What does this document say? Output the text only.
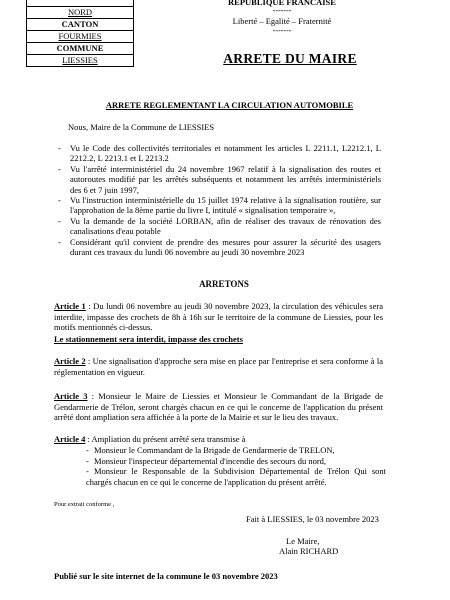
NORD
CANTON
FOURMIES
COMMUNE
LIESSIES
REPUBLIQUE FRANCAISE
-------
Liberté – Egalité – Fraternité
-------
ARRETE DU MAIRE
ARRETE REGLEMENTANT LA CIRCULATION AUTOMOBILE
Nous, Maire de la Commune de LIESSIES
- Vu le Code des collectivités territoriales et notamment les articles L 2211.1, L2212.1, L 2212.2, L 2213.1 et L 2213.2
- Vu l'arrêté interministériel du 24 novembre 1967 relatif à la signalisation des routes et autoroutes modifié par les arrêtés subséquents et notamment les arrêtés interministériels des 6 et 7 juin 1997,
- Vu l'instruction interministérielle du 15 juillet 1974 relative à la signalisation routière, sur l'approbation de la 8ème partie du livre I, intitulé « signalisation temporaire »,
- Vu la demande de la société LORBAN, afin de réaliser des travaux de rénovation des canalisations d'eau potable
- Considérant qu'il convient de prendre des mesures pour assurer la sécurité des usagers durant ces travaux du lundi 06 novembre au jeudi 30 novembre 2023
ARRETONS
Article 1 : Du lundi 06 novembre au jeudi 30 novembre 2023, la circulation des véhicules sera interdite, impasse des crochets de 8h à 16h sur le territoire de la commune de Liessies, pour les motifs mentionnés ci-dessus.
Le stationnement sera interdit, impasse des crochets
Article 2 : Une signalisation d'approche sera mise en place par l'entreprise et sera conforme à la réglementation en vigueur.
Article 3 : Monsieur le Maire de Liessies et Monsieur le Commandant de la Brigade de Gendarmerie de Trélon, seront chargés chacun en ce qui le concerne de l'application du présent arrêté dont ampliation sera affichée à la porte de la Mairie et sur le lieu des travaux.
Article 4 : Ampliation du présent arrêté sera transmise à
- Monsieur le Commandant de la Brigade de Gendarmerie de TRELON,
- Monsieur l'inspecteur départemental d'incendie des secours du nord,
- Monsieur le Responsable de la Subdivision Départemental de Trélon Qui sont chargés chacun en ce qui le concerne de l'application du présent arrêté.
Pour extrait conforme ,
Fait à LIESSIES, le 03 novembre 2023
Le Maire,
Alain RICHARD
Publié sur le site internet de la commune le 03 novembre 2023
